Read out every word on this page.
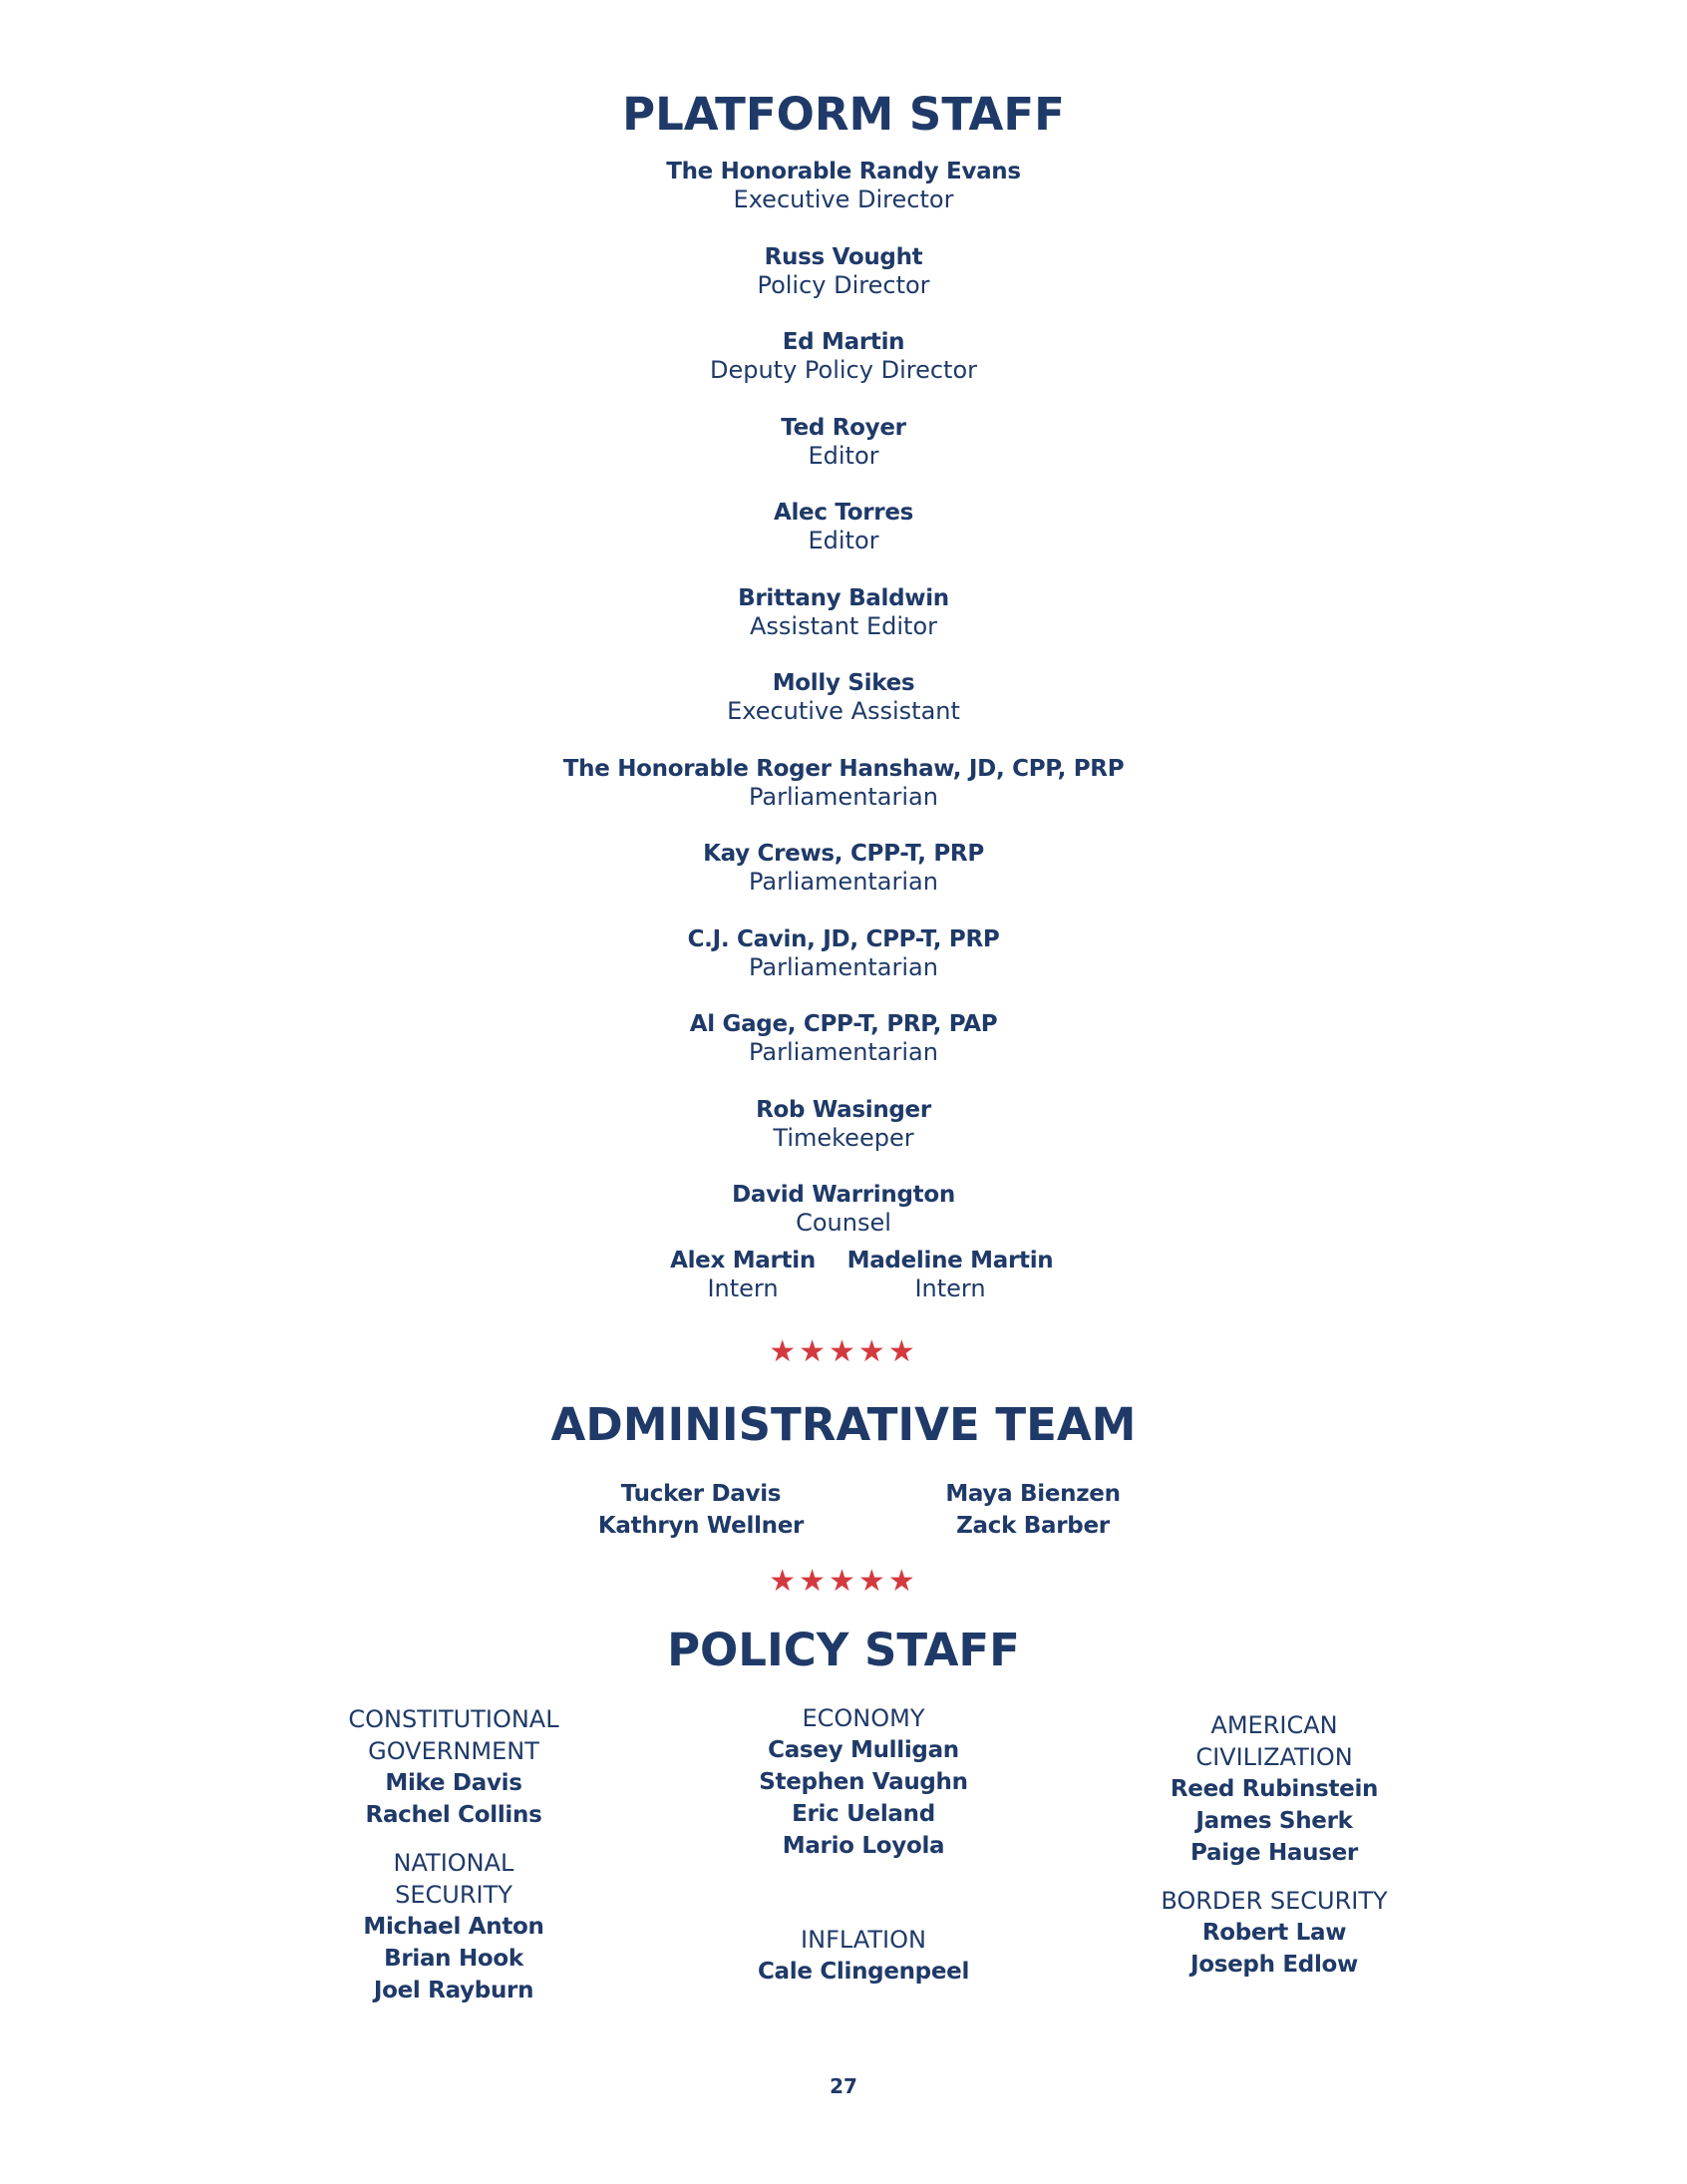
PLATFORM STAFF
The Honorable Randy Evans
Executive Director
Russ Vought
Policy Director
Ed Martin
Deputy Policy Director
Ted Royer
Editor
Alec Torres
Editor
Brittany Baldwin
Assistant Editor
Molly Sikes
Executive Assistant
The Honorable Roger Hanshaw, JD, CPP, PRP
Parliamentarian
Kay Crews, CPP-T, PRP
Parliamentarian
C.J. Cavin, JD, CPP-T, PRP
Parliamentarian
Al Gage, CPP-T, PRP, PAP
Parliamentarian
Rob Wasinger
Timekeeper
David Warrington
Counsel
Alex Martin
Intern
Madeline Martin
Intern
★★★★★
ADMINISTRATIVE TEAM
Tucker Davis
Kathryn Wellner
Maya Bienzen
Zack Barber
★★★★★
POLICY STAFF
CONSTITUTIONAL
GOVERNMENT
Mike Davis
Rachel Collins
NATIONAL
SECURITY
Michael Anton
Brian Hook
Joel Rayburn
ECONOMY
Casey Mulligan
Stephen Vaughn
Eric Ueland
Mario Loyola
INFLATION
Cale Clingenpeel
AMERICAN
CIVILIZATION
Reed Rubinstein
James Sherk
Paige Hauser
BORDER SECURITY
Robert Law
Joseph Edlow
27
